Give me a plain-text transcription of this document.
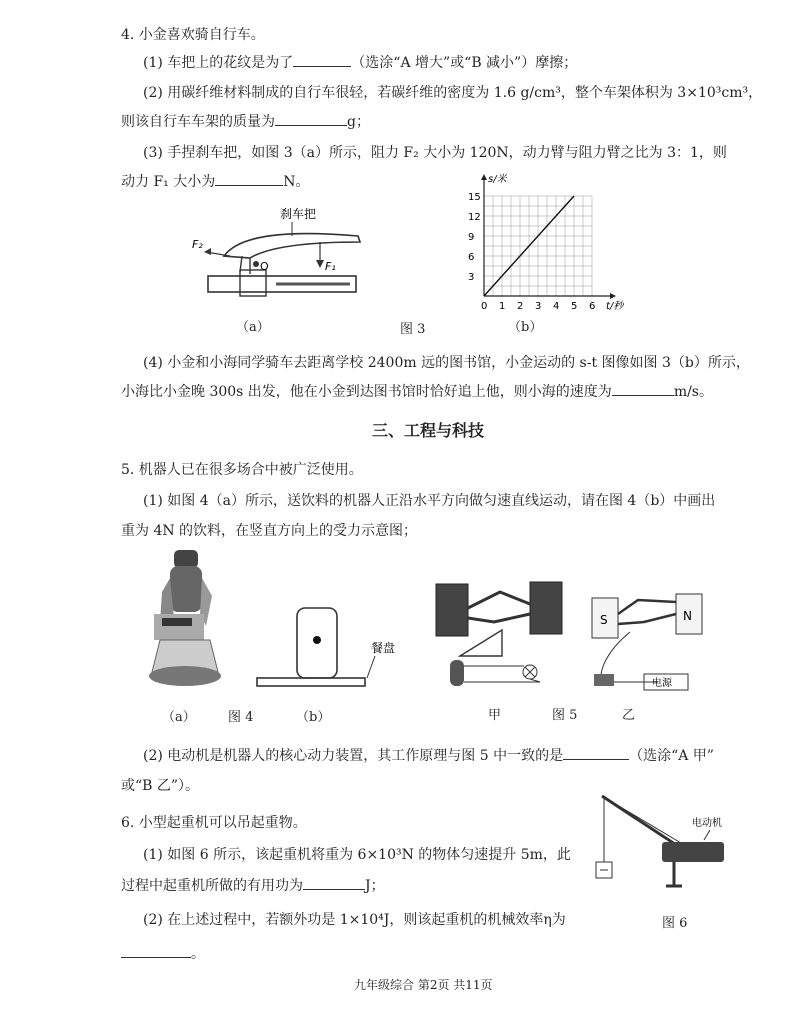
4. 小金喜欢骑自行车。
(1) 车把上的花纹是为了	（选涂“A 增大”或“B 减小”）摩擦；
(2) 用碳纤维材料制成的自行车很轻，若碳纤维的密度为 1.6 g/cm³，整个车架体积为 3×10³cm³，
则该自行车车架的质量为	g；
(3) 手捏刹车把，如图 3（a）所示，阻力 F₂ 大小为 120N，动力臂与阻力臂之比为 3：1，则
动力 F₁ 大小为	N。
刹车把
O
F₂
F₁
（a）	图 3	（b）
0 1 2 3 4 5 6
3
6
9
12
15
t/秒
s/米
(4) 小金和小海同学骑车去距离学校 2400m 远的图书馆，小金运动的 s-t 图像如图 3（b）所示，
小海比小金晚 300s 出发，他在小金到达图书馆时恰好追上他，则小海的速度为	m/s。
三、工程与科技
5. 机器人已在很多场合中被广泛使用。
(1) 如图 4（a）所示，送饮料的机器人正沿水平方向做匀速直线运动，请在图 4（b）中画出
重为 4N 的饮料，在竖直方向上的受力示意图；
餐盘
（a） 图 4	（b）	甲	图 5
S	N
电源
乙
(2) 电动机是机器人的核心动力装置，其工作原理与图 5 中一致的是	（选涂“A 甲”
或“B 乙”）。
6. 小型起重机可以吊起重物。
(1) 如图 6 所示，该起重机将重为 6×10³N 的物体匀速提升 5m，此
过程中起重机所做的有用功为	J；
(2) 在上述过程中，若额外功是 1×10⁴J，则该起重机的机械效率η为
。
电动机
图 6
九年级综合 第2页 共11页
